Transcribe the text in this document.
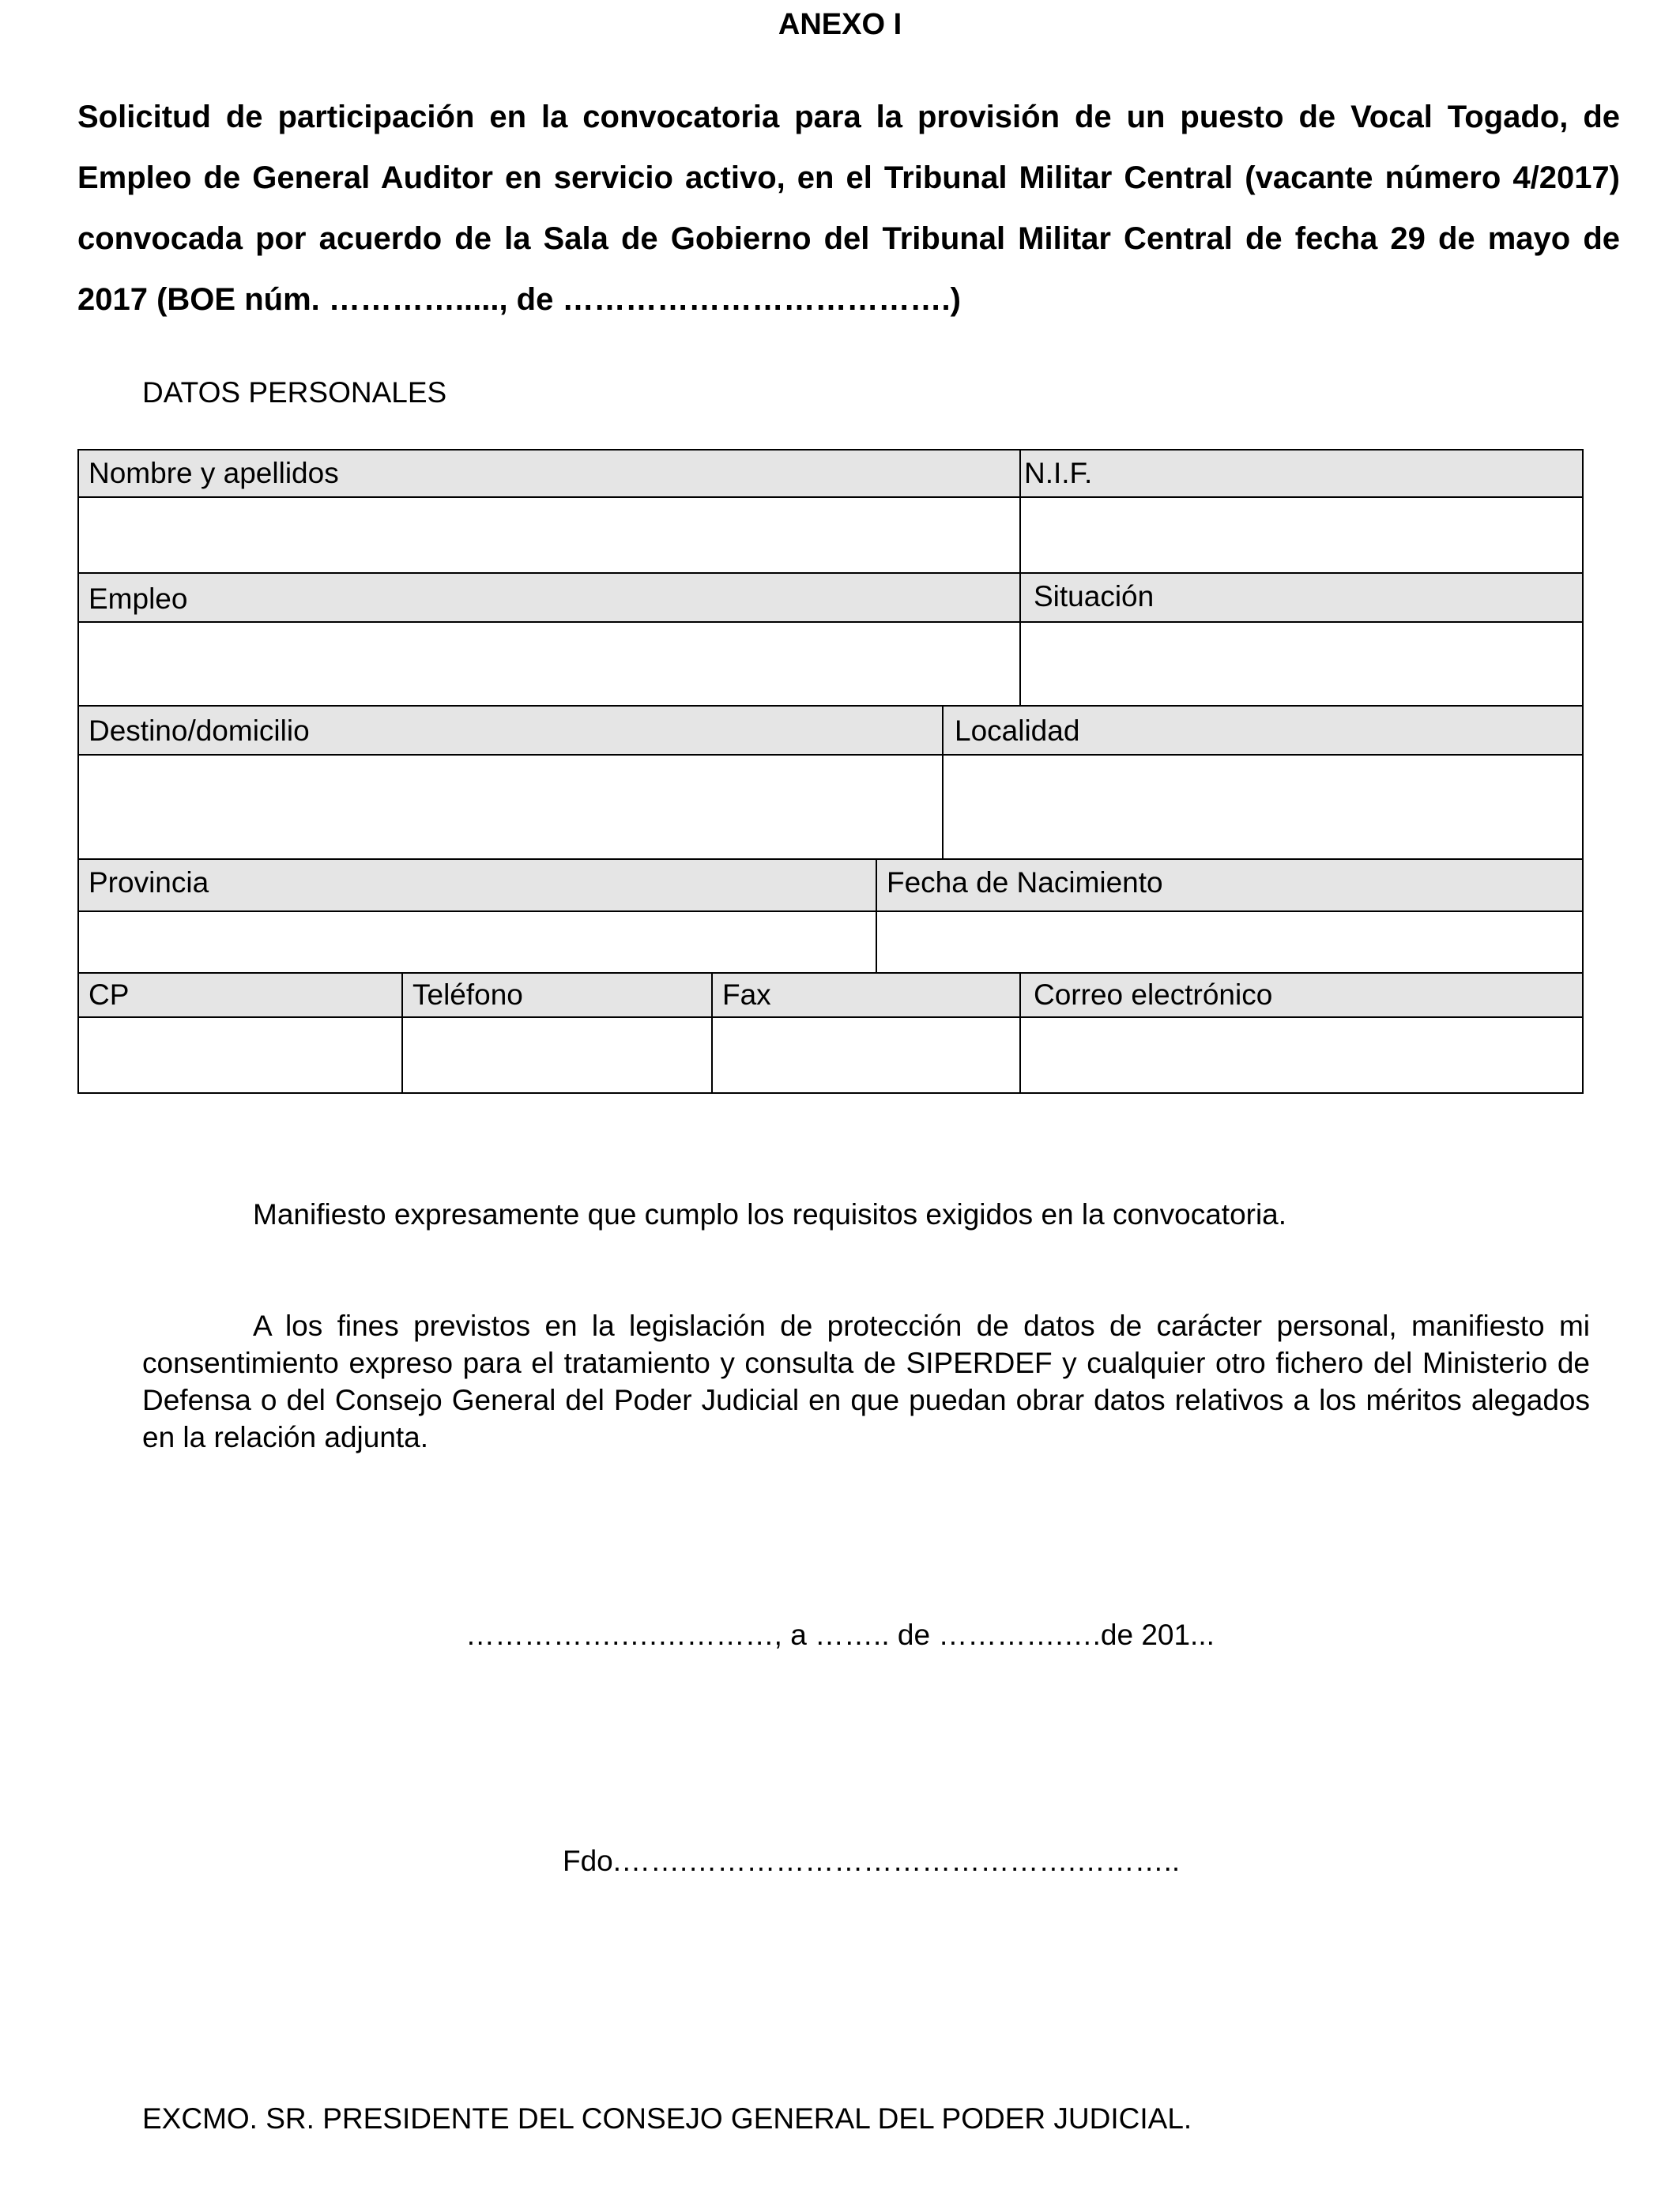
ANEXO I
Solicitud de participación en la convocatoria para la provisión de un puesto de Vocal Togado, de Empleo de General Auditor en servicio activo, en el Tribunal Militar Central (vacante número 4/2017) convocada por acuerdo de la Sala de Gobierno del Tribunal Militar Central de fecha 29 de mayo de 2017 (BOE núm. …………....., de ……………………………….)
DATOS PERSONALES
Nombre y apellidos	N.I.F.
Empleo	Situación
Destino/domicilio	Localidad
Provincia	Fecha de Nacimiento
CP	Teléfono	Fax	Correo electrónico
Manifiesto expresamente que cumplo los requisitos exigidos en la convocatoria.
A los fines previstos en la legislación de protección de datos de carácter personal, manifiesto mi consentimiento expreso para el tratamiento y consulta de SIPERDEF y cualquier otro fichero del Ministerio de Defensa o del Consejo General del Poder Judicial en que puedan obrar datos relativos a los méritos alegados en la relación adjunta.
…………….….…………, a …….. de ………….….de 201...
Fdo.…….………………………………….………..
EXCMO. SR. PRESIDENTE DEL CONSEJO GENERAL DEL PODER JUDICIAL.
